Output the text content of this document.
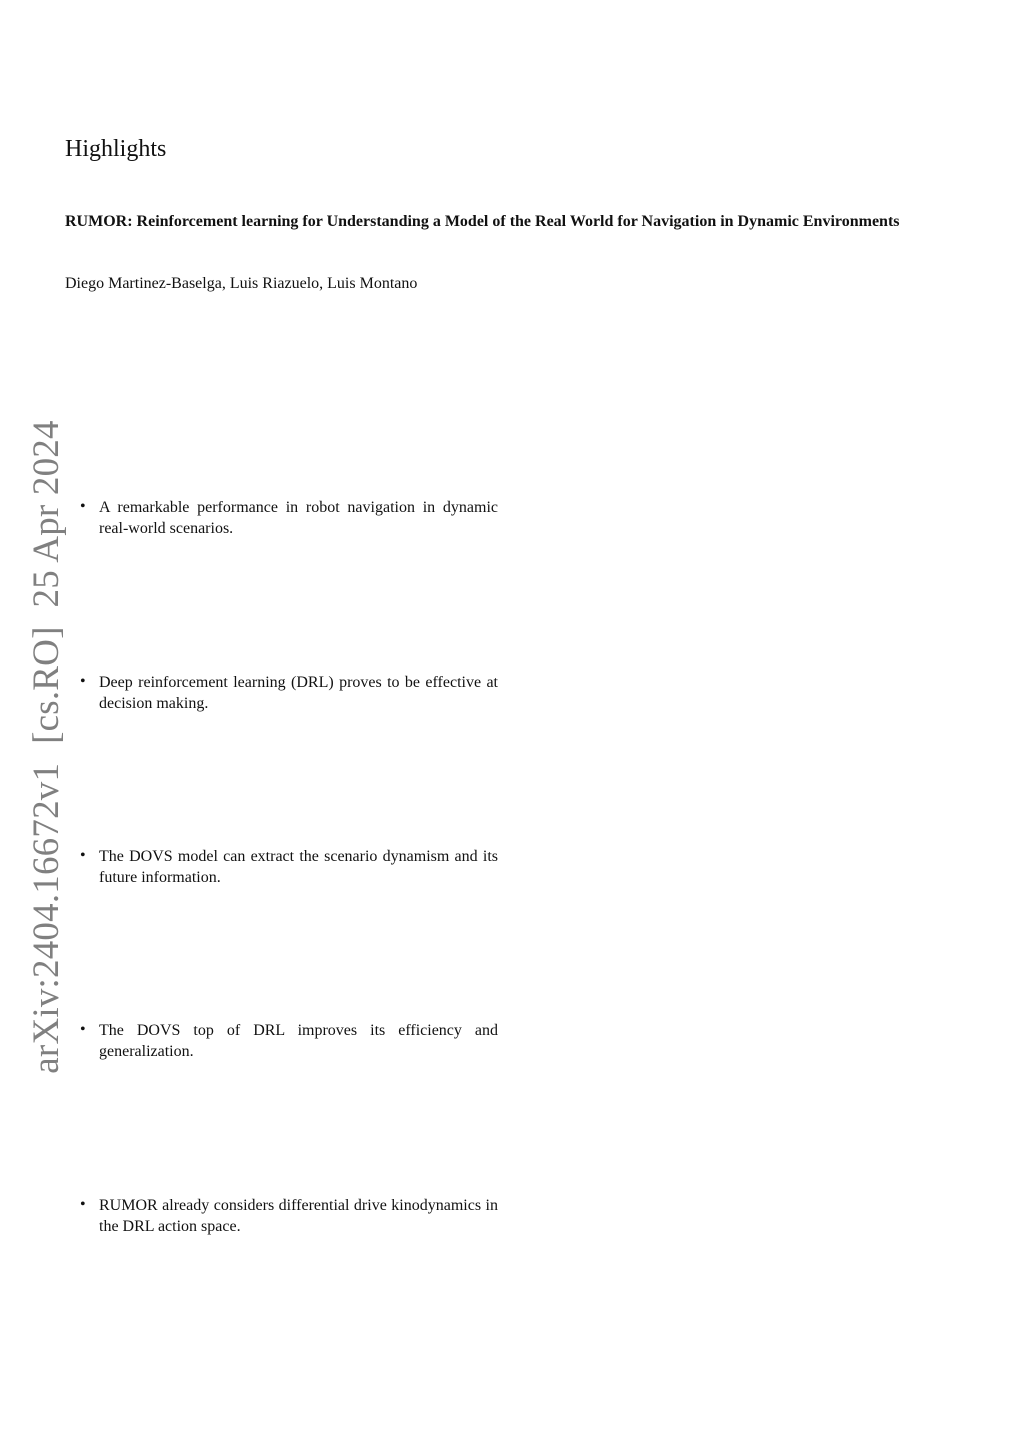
Highlights
RUMOR: Reinforcement learning for Understanding a Model of the Real World for Navigation in Dynamic Environments

Diego Martinez-Baselga, Luis Riazuelo, Luis Montano

arXiv:2404.16672v1  [cs.RO]  25 Apr 2024 • A remarkable performance in robot navigation in dynamic real-world scenarios.
• Deep reinforcement learning (DRL) proves to be effective at decision making.
• The DOVS model can extract the scenario dynamism and its future information.
• The DOVS top of DRL improves its efficiency and generalization.
• RUMOR already considers differential drive kinodynamics in the DRL action space.
